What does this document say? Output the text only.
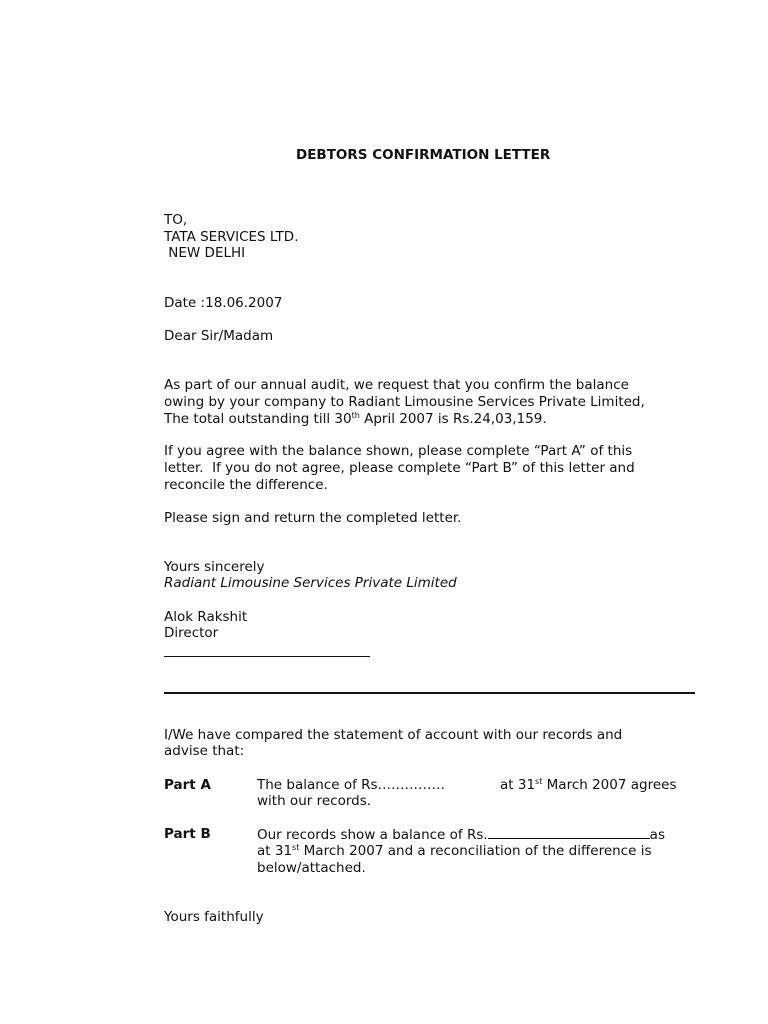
DEBTORS CONFIRMATION LETTER
TO,
TATA SERVICES LTD.
NEW DELHI
Date :18.06.2007
Dear Sir/Madam
As part of our annual audit, we request that you confirm the balance
owing by your company to Radiant Limousine Services Private Limited,
The total outstanding till 30th April 2007 is Rs.24,03,159.
If you agree with the balance shown, please complete “Part A” of this
letter.  If you do not agree, please complete “Part B” of this letter and
reconcile the difference.
Please sign and return the completed letter.
Yours sincerely
Radiant Limousine Services Private Limited
Alok Rakshit
Director
I/We have compared the statement of account with our records and
advise that:
Part A	The balance of Rs……………	at 31st March 2007 agrees
with our records.
Part B	Our records show a balance of Rs.	as
at 31st March 2007 and a reconciliation of the difference is
below/attached.
Yours faithfully
